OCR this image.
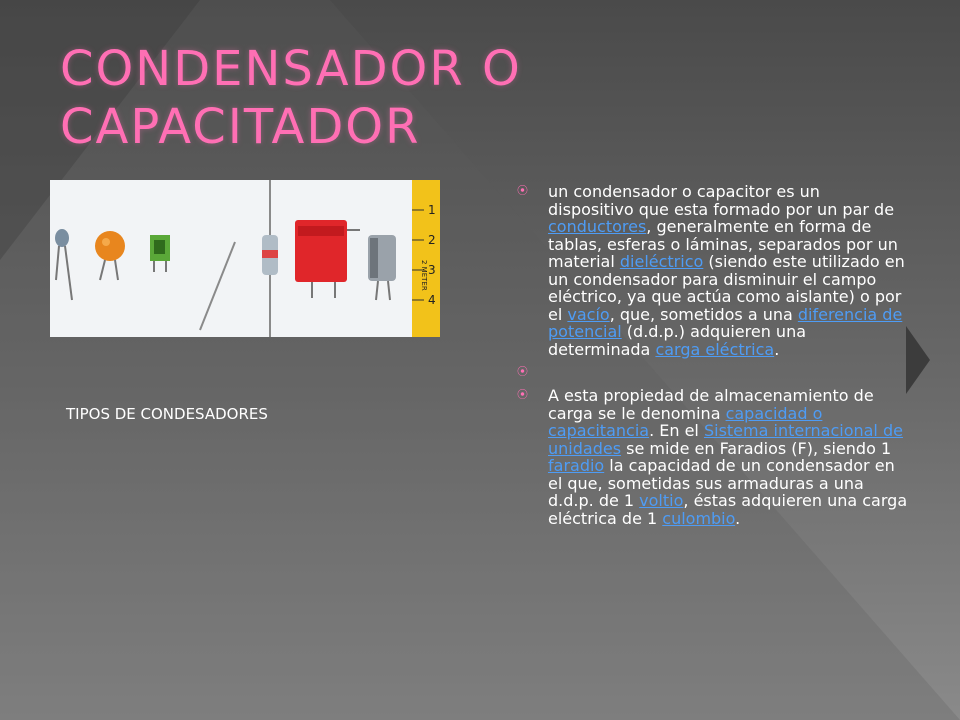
CONDENSADOR O
CAPACITADOR
1
2
3
4
2 METER
TIPOS DE CONDESADORES
⦿ un condensador o capacitor es un dispositivo que esta formado por un par de conductores, generalmente en forma de tablas, esferas o láminas, separados por un material dieléctrico (siendo este utilizado en un condensador para disminuir el campo eléctrico, ya que actúa como aislante) o por el vacío, que, sometidos a una diferencia de potencial (d.d.p.) adquieren una determinada carga eléctrica.
⦿
⦿ A esta propiedad de almacenamiento de carga se le denomina capacidad o capacitancia. En el Sistema internacional de unidades se mide en Faradios (F), siendo 1 faradio la capacidad de un condensador en el que, sometidas sus armaduras a una d.d.p. de 1 voltio, éstas adquieren una carga eléctrica de 1 culombio.
